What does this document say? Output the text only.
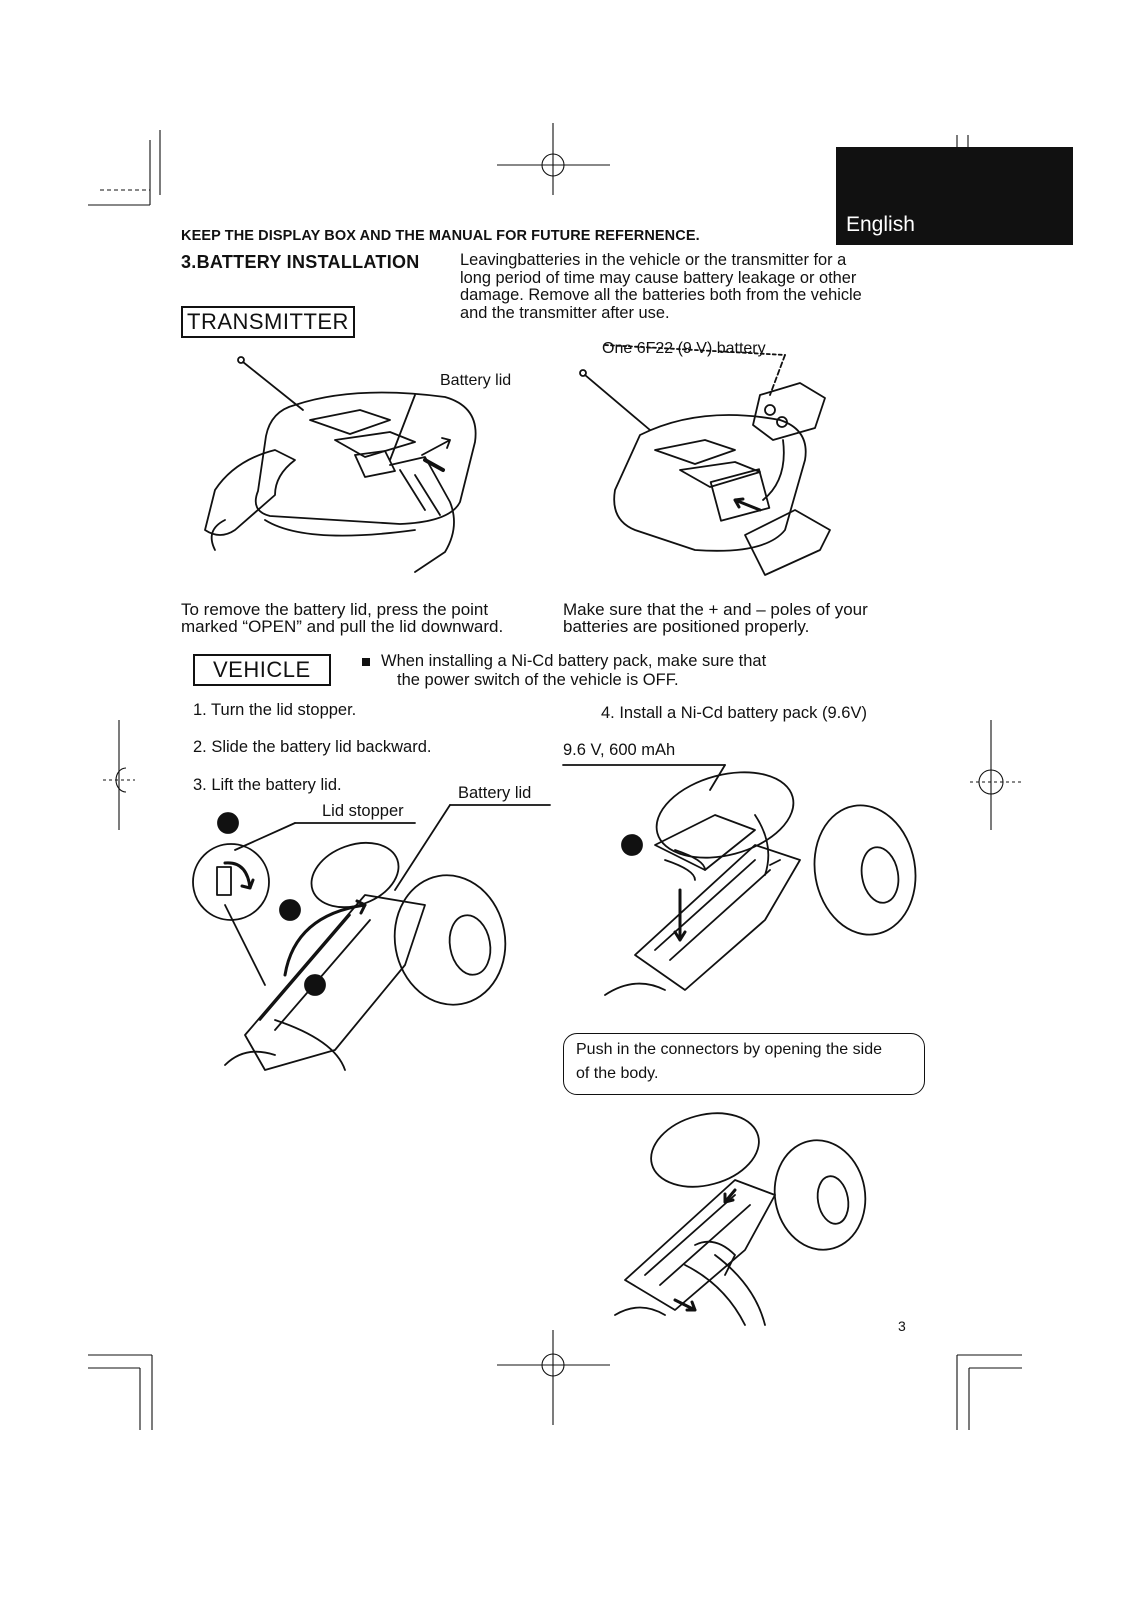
English
KEEP THE DISPLAY BOX AND THE MANUAL FOR FUTURE REFERNENCE.
3.BATTERY INSTALLATION Leavingbatteries in the vehicle or the transmitter for a
long period of time may cause battery leakage or other
damage. Remove all the batteries both from the vehicle
and the transmitter after use.
TRANSMITTER
One 6F22 (9 V) battery
Battery lid
To remove the battery lid, press the point
marked “OPEN” and pull the lid downward.
Make sure that the + and – poles of your
batteries are positioned properly.
VEHICLE	When installing a Ni-Cd battery pack, make sure that
the power switch of the vehicle is OFF.
1. Turn the lid stopper.	4. Install a Ni-Cd battery pack (9.6V)
2. Slide the battery lid backward.	9.6 V, 600 mAh
3. Lift the battery lid.	Battery lid
Lid stopper
Push in the connectors by opening the side
of the body.
3
